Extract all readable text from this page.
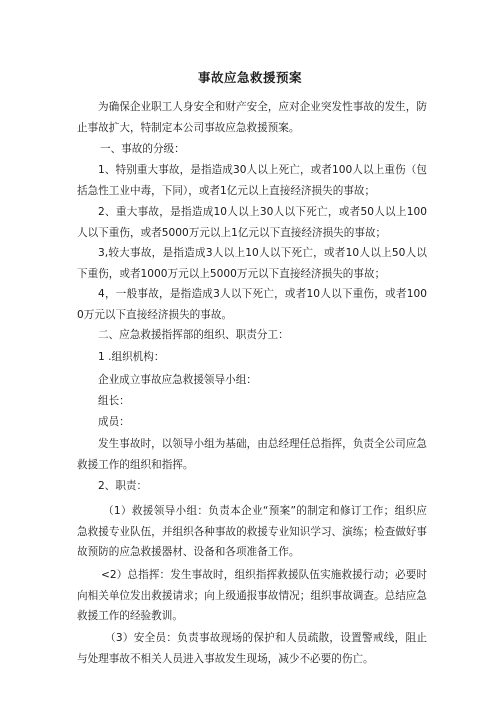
事故应急救援预案
为确保企业职工人身安全和财产安全，应对企业突发性事故的发生，防止事故扩大，特制定本公司事故应急救援预案。
一、事故的分级：
1、特别重大事故，是指造成30人以上死亡，或者100人以上重伤（包括急性工业中毒，下同），或者1亿元以上直接经济损失的事故；
2、重大事故，是指造成10人以上30人以下死亡，或者50人以上100人以下重伤，或者5000万元以上1亿元以下直接经济损失的事故；
3,较大事故，是指造成3人以上10人以下死亡，或者10人以上50人以下重伤，或者1000万元以上5000万元以下直接经济损失的事故；
4，一般事故，是指造成3人以下死亡，或者10人以下重伤，或者1000万元以下直接经济损失的事故。
二、应急救援指挥部的组织、职责分工：
1 .组织机构：
企业成立事故应急救援领导小组：
组长：
成员：
发生事故时，以领导小组为基础，由总经理任总指挥，负责全公司应急救援工作的组织和指挥。
2、职责：
（1）救援领导小组：负责本企业“预案”的制定和修订工作；组织应急救援专业队伍，并组织各种事故的救援专业知识学习、演练；检查做好事故预防的应急救援器材、设备和各项准备工作。
<2）总指挥：发生事故时，组织指挥救援队伍实施救援行动；必要时向相关单位发出救援请求；向上级通报事故情况；组织事故调查。总结应急救援工作的经验教训。
（3）安全员：负责事故现场的保护和人员疏散，设置警戒线，阻止与处理事故不相关人员进入事故发生现场，减少不必要的伤亡。
